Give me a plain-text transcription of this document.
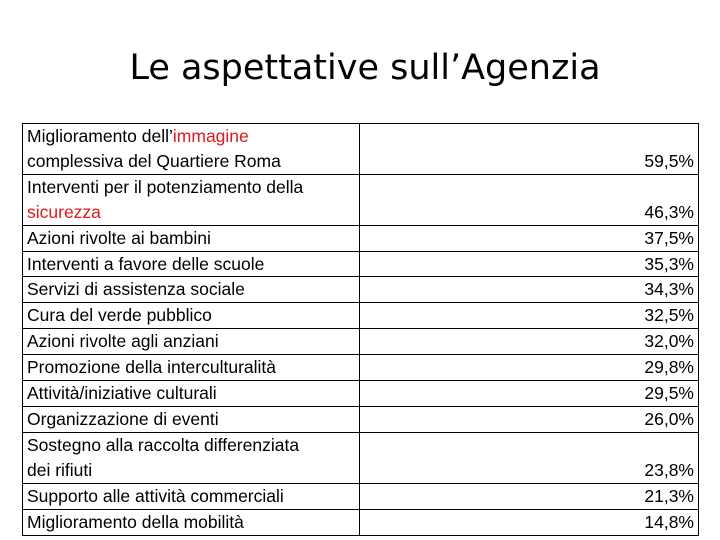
Le aspettative sull’Agenzia
Miglioramento dell’immagine
complessiva del Quartiere Roma	59,5%
Interventi per il potenziamento della
sicurezza	46,3%
Azioni rivolte ai bambini	37,5%
Interventi a favore delle scuole	35,3%
Servizi di assistenza sociale	34,3%
Cura del verde pubblico	32,5%
Azioni rivolte agli anziani	32,0%
Promozione della interculturalità	29,8%
Attività/iniziative culturali	29,5%
Organizzazione di eventi	26,0%
Sostegno alla raccolta differenziata
dei rifiuti	23,8%
Supporto alle attività commerciali	21,3%
Miglioramento della mobilità	14,8%
